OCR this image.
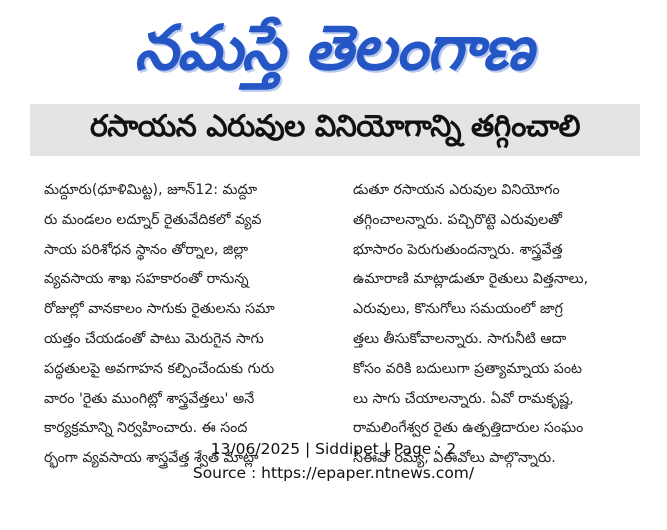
నమస్తే తెలంగాణ
రసాయన ఎరువుల వినియోగాన్ని తగ్గించాలి
మద్దూరు(ధూళిమిట్ట), జూన్12: మద్దూ
రు మండలం లద్నూర్ రైతువేదికలో వ్యవ
సాయ పరిశోధన స్థానం తోర్నాల, జిల్లా
వ్యవసాయ శాఖ సహకారంతో రానున్న
రోజుల్లో వానకాలం సాగుకు రైతులను సమా
యత్తం చేయడంతో పాటు మెరుగైన సాగు
పద్ధతులపై అవగాహన కల్పించేందుకు గురు
వారం 'రైతు ముంగిట్లో శాస్త్రవేత్తలు' అనే
కార్యక్రమాన్ని నిర్వహించారు. ఈ సంద
ర్భంగా వ్యవసాయ శాస్త్రవేత్త శ్వేత మాట్లా
డుతూ రసాయన ఎరువుల వినియోగం
తగ్గించాలన్నారు. పచ్చిరొట్టె ఎరువులతో
భూసారం పెరుగుతుందన్నారు. శాస్త్రవేత్త
ఉమారాణి మాట్లాడుతూ రైతులు విత్తనాలు,
ఎరువులు, కొనుగోలు సమయంలో జాగ్ర
త్తలు తీసుకోవాలన్నారు. సాగునీటి ఆదా
కోసం వరికి బదులుగా ప్రత్యామ్నాయ పంట
లు సాగు చేయాలన్నారు. ఏవో రామకృష్ణ,
రామలింగేశ్వర రైతు ఉత్పత్తిదారుల సంఘం
సీఈవో రమ్య, ఏఈవోలు పాల్గొన్నారు.
13/06/2025 | Siddipet | Page : 2
Source : https://epaper.ntnews.com/
